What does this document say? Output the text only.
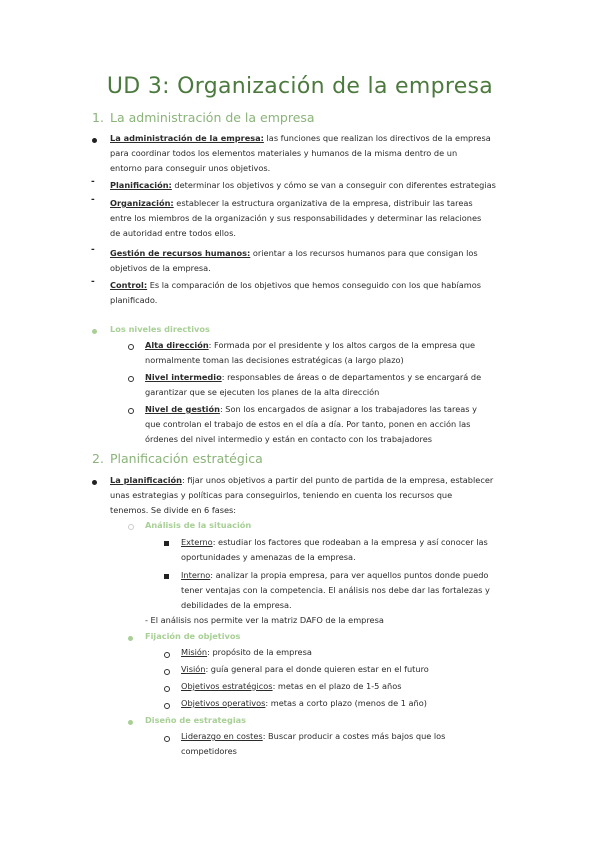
UD 3: Organización de la empresa
1. La administración de la empresa
La administración de la empresa: las funciones que realizan los directivos de la empresa
para coordinar todos los elementos materiales y humanos de la misma dentro de un
entorno para conseguir unos objetivos.
- Planificación: determinar los objetivos y cómo se van a conseguir con diferentes estrategias
- Organización: establecer la estructura organizativa de la empresa, distribuir las tareas
entre los miembros de la organización y sus responsabilidades y determinar las relaciones
de autoridad entre todos ellos.
- Gestión de recursos humanos: orientar a los recursos humanos para que consigan los
objetivos de la empresa.
- Control: Es la comparación de los objetivos que hemos conseguido con los que habíamos
planificado.
Los niveles directivos
Alta dirección: Formada por el presidente y los altos cargos de la empresa que
normalmente toman las decisiones estratégicas (a largo plazo)
Nivel intermedio: responsables de áreas o de departamentos y se encargará de
garantizar que se ejecuten los planes de la alta dirección
Nivel de gestión: Son los encargados de asignar a los trabajadores las tareas y
que controlan el trabajo de estos en el día a día. Por tanto, ponen en acción las
órdenes del nivel intermedio y están en contacto con los trabajadores
2. Planificación estratégica
La planificación: fijar unos objetivos a partir del punto de partida de la empresa, establecer
unas estrategias y políticas para conseguirlos, teniendo en cuenta los recursos que
tenemos. Se divide en 6 fases:
Análisis de la situación
Externo: estudiar los factores que rodeaban a la empresa y así conocer las
oportunidades y amenazas de la empresa.
Interno: analizar la propia empresa, para ver aquellos puntos donde puedo
tener ventajas con la competencia. El análisis nos debe dar las fortalezas y
debilidades de la empresa.
- El análisis nos permite ver la matriz DAFO de la empresa
Fijación de objetivos
Misión: propósito de la empresa
Visión: guía general para el donde quieren estar en el futuro
Objetivos estratégicos: metas en el plazo de 1-5 años
Objetivos operativos: metas a corto plazo (menos de 1 año)
Diseño de estrategias
Liderazgo en costes: Buscar producir a costes más bajos que los
competidores
